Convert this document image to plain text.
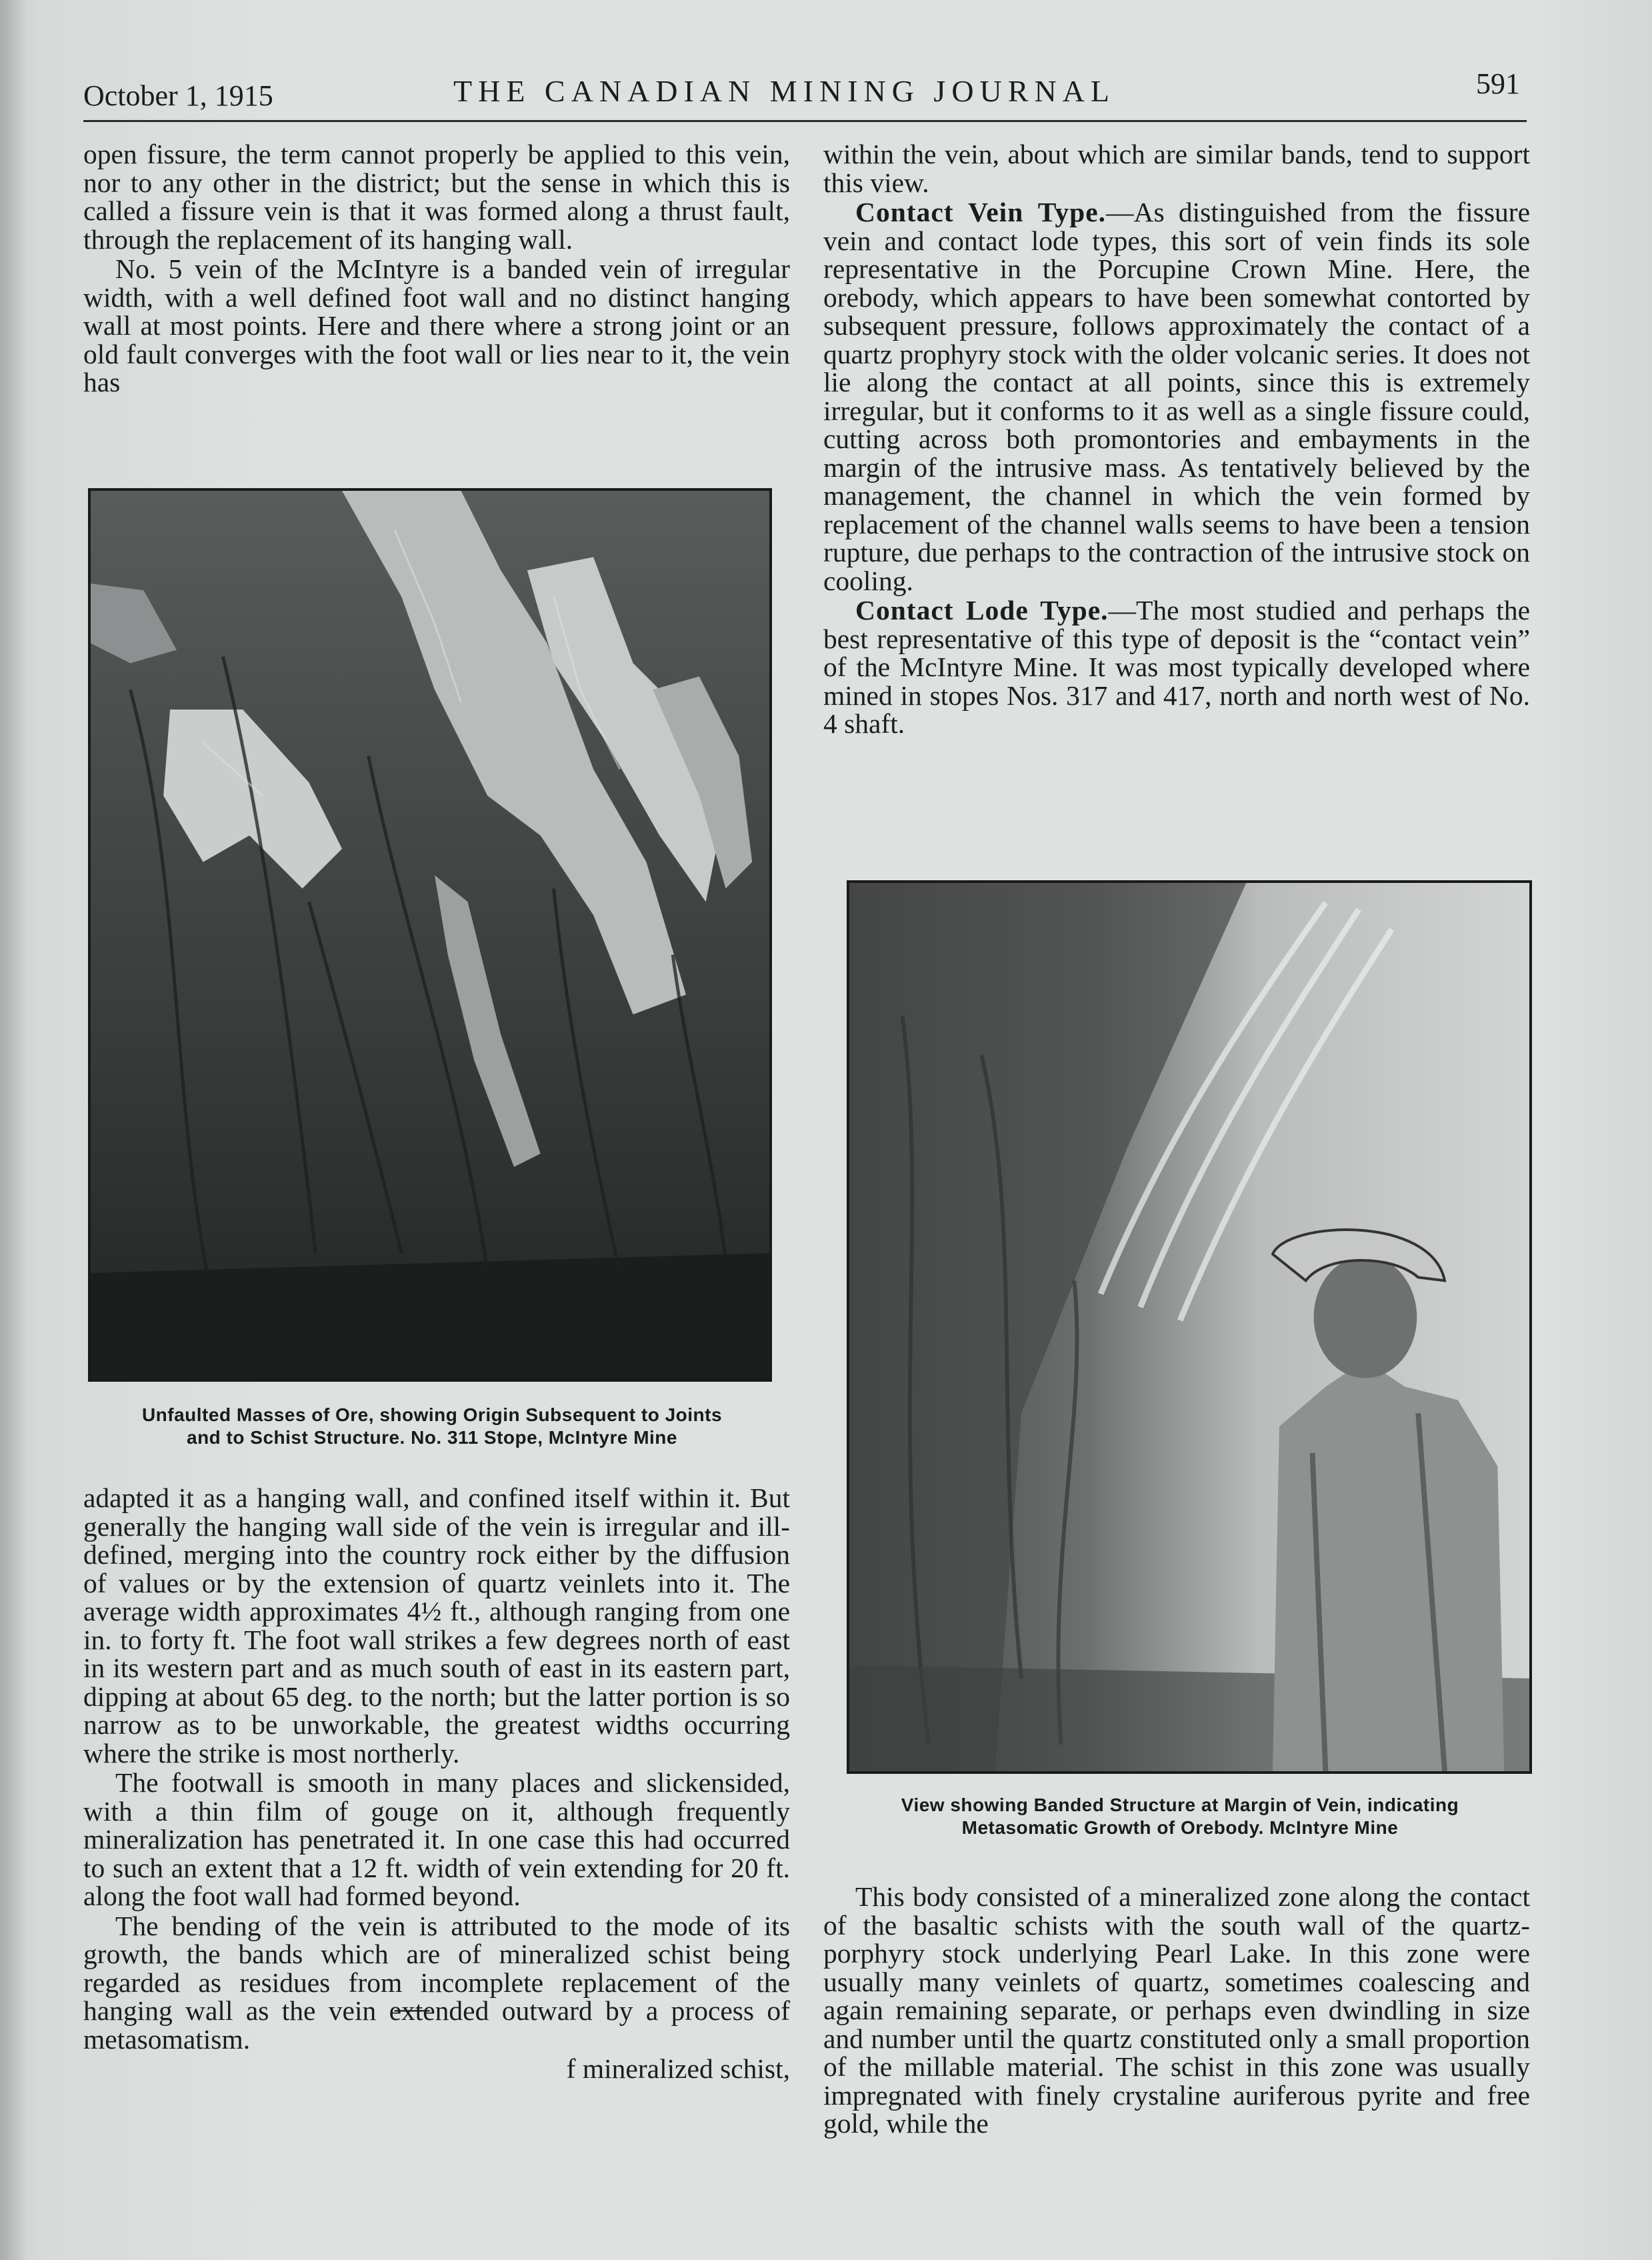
October 1, 1915	THE CANADIAN MINING JOURNAL	591

open fissure, the term cannot properly be applied to this vein, nor to any other in the district; but the sense in which this is called a fissure vein is that it was formed along a thrust fault, through the replacement of its hanging wall.

No. 5 vein of the McIntyre is a banded vein of irregular width, with a well defined foot wall and no distinct hanging wall at most points. Here and there where a strong joint or an old fault converges with the foot wall or lies near to it, the vein has

Unfaulted Masses of Ore, showing Origin Subsequent to Joints
and to Schist Structure. No. 311 Stope, McIntyre Mine

adapted it as a hanging wall, and confined itself within it. But generally the hanging wall side of the vein is irregular and ill-defined, merging into the country rock either by the diffusion of values or by the extension of quartz veinlets into it. The average width approximates 4½ ft., although ranging from one in. to forty ft. The foot wall strikes a few degrees north of east in its western part and as much south of east in its eastern part, dipping at about 65 deg. to the north; but the latter portion is so narrow as to be unworkable, the greatest widths occurring where the strike is most northerly.

The footwall is smooth in many places and slickensided, with a thin film of gouge on it, although frequently mineralization has penetrated it. In one case this had occurred to such an extent that a 12 ft. width of vein extending for 20 ft. along the foot wall had formed beyond.

The bending of the vein is attributed to the mode of its growth, the bands which are of mineralized schist being regarded as residues from incomplete replacement of the hanging wall as the vein e̶x̶t̶ended outward by a process of metasomatism.

f mineralized schist,

within the vein, about which are similar bands, tend to support this view.

Contact Vein Type.—As distinguished from the fissure vein and contact lode types, this sort of vein finds its sole representative in the Porcupine Crown Mine. Here, the orebody, which appears to have been somewhat contorted by subsequent pressure, follows approximately the contact of a quartz prophyry stock with the older volcanic series. It does not lie along the contact at all points, since this is extremely irregular, but it conforms to it as well as a single fissure could, cutting across both promontories and embayments in the margin of the intrusive mass. As tentatively believed by the management, the channel in which the vein formed by replacement of the channel walls seems to have been a tension rupture, due perhaps to the contraction of the intrusive stock on cooling.

Contact Lode Type.—The most studied and perhaps the best representative of this type of deposit is the “contact vein” of the McIntyre Mine. It was most typically developed where mined in stopes Nos. 317 and 417, north and north west of No. 4 shaft.

View showing Banded Structure at Margin of Vein, indicating
Metasomatic Growth of Orebody. McIntyre Mine

This body consisted of a mineralized zone along the contact of the basaltic schists with the south wall of the quartz-porphyry stock underlying Pearl Lake. In this zone were usually many veinlets of quartz, sometimes coalescing and again remaining separate, or perhaps even dwindling in size and number until the quartz constituted only a small proportion of the millable material. The schist in this zone was usually impregnated with finely crystaline auriferous pyrite and free gold, while the
